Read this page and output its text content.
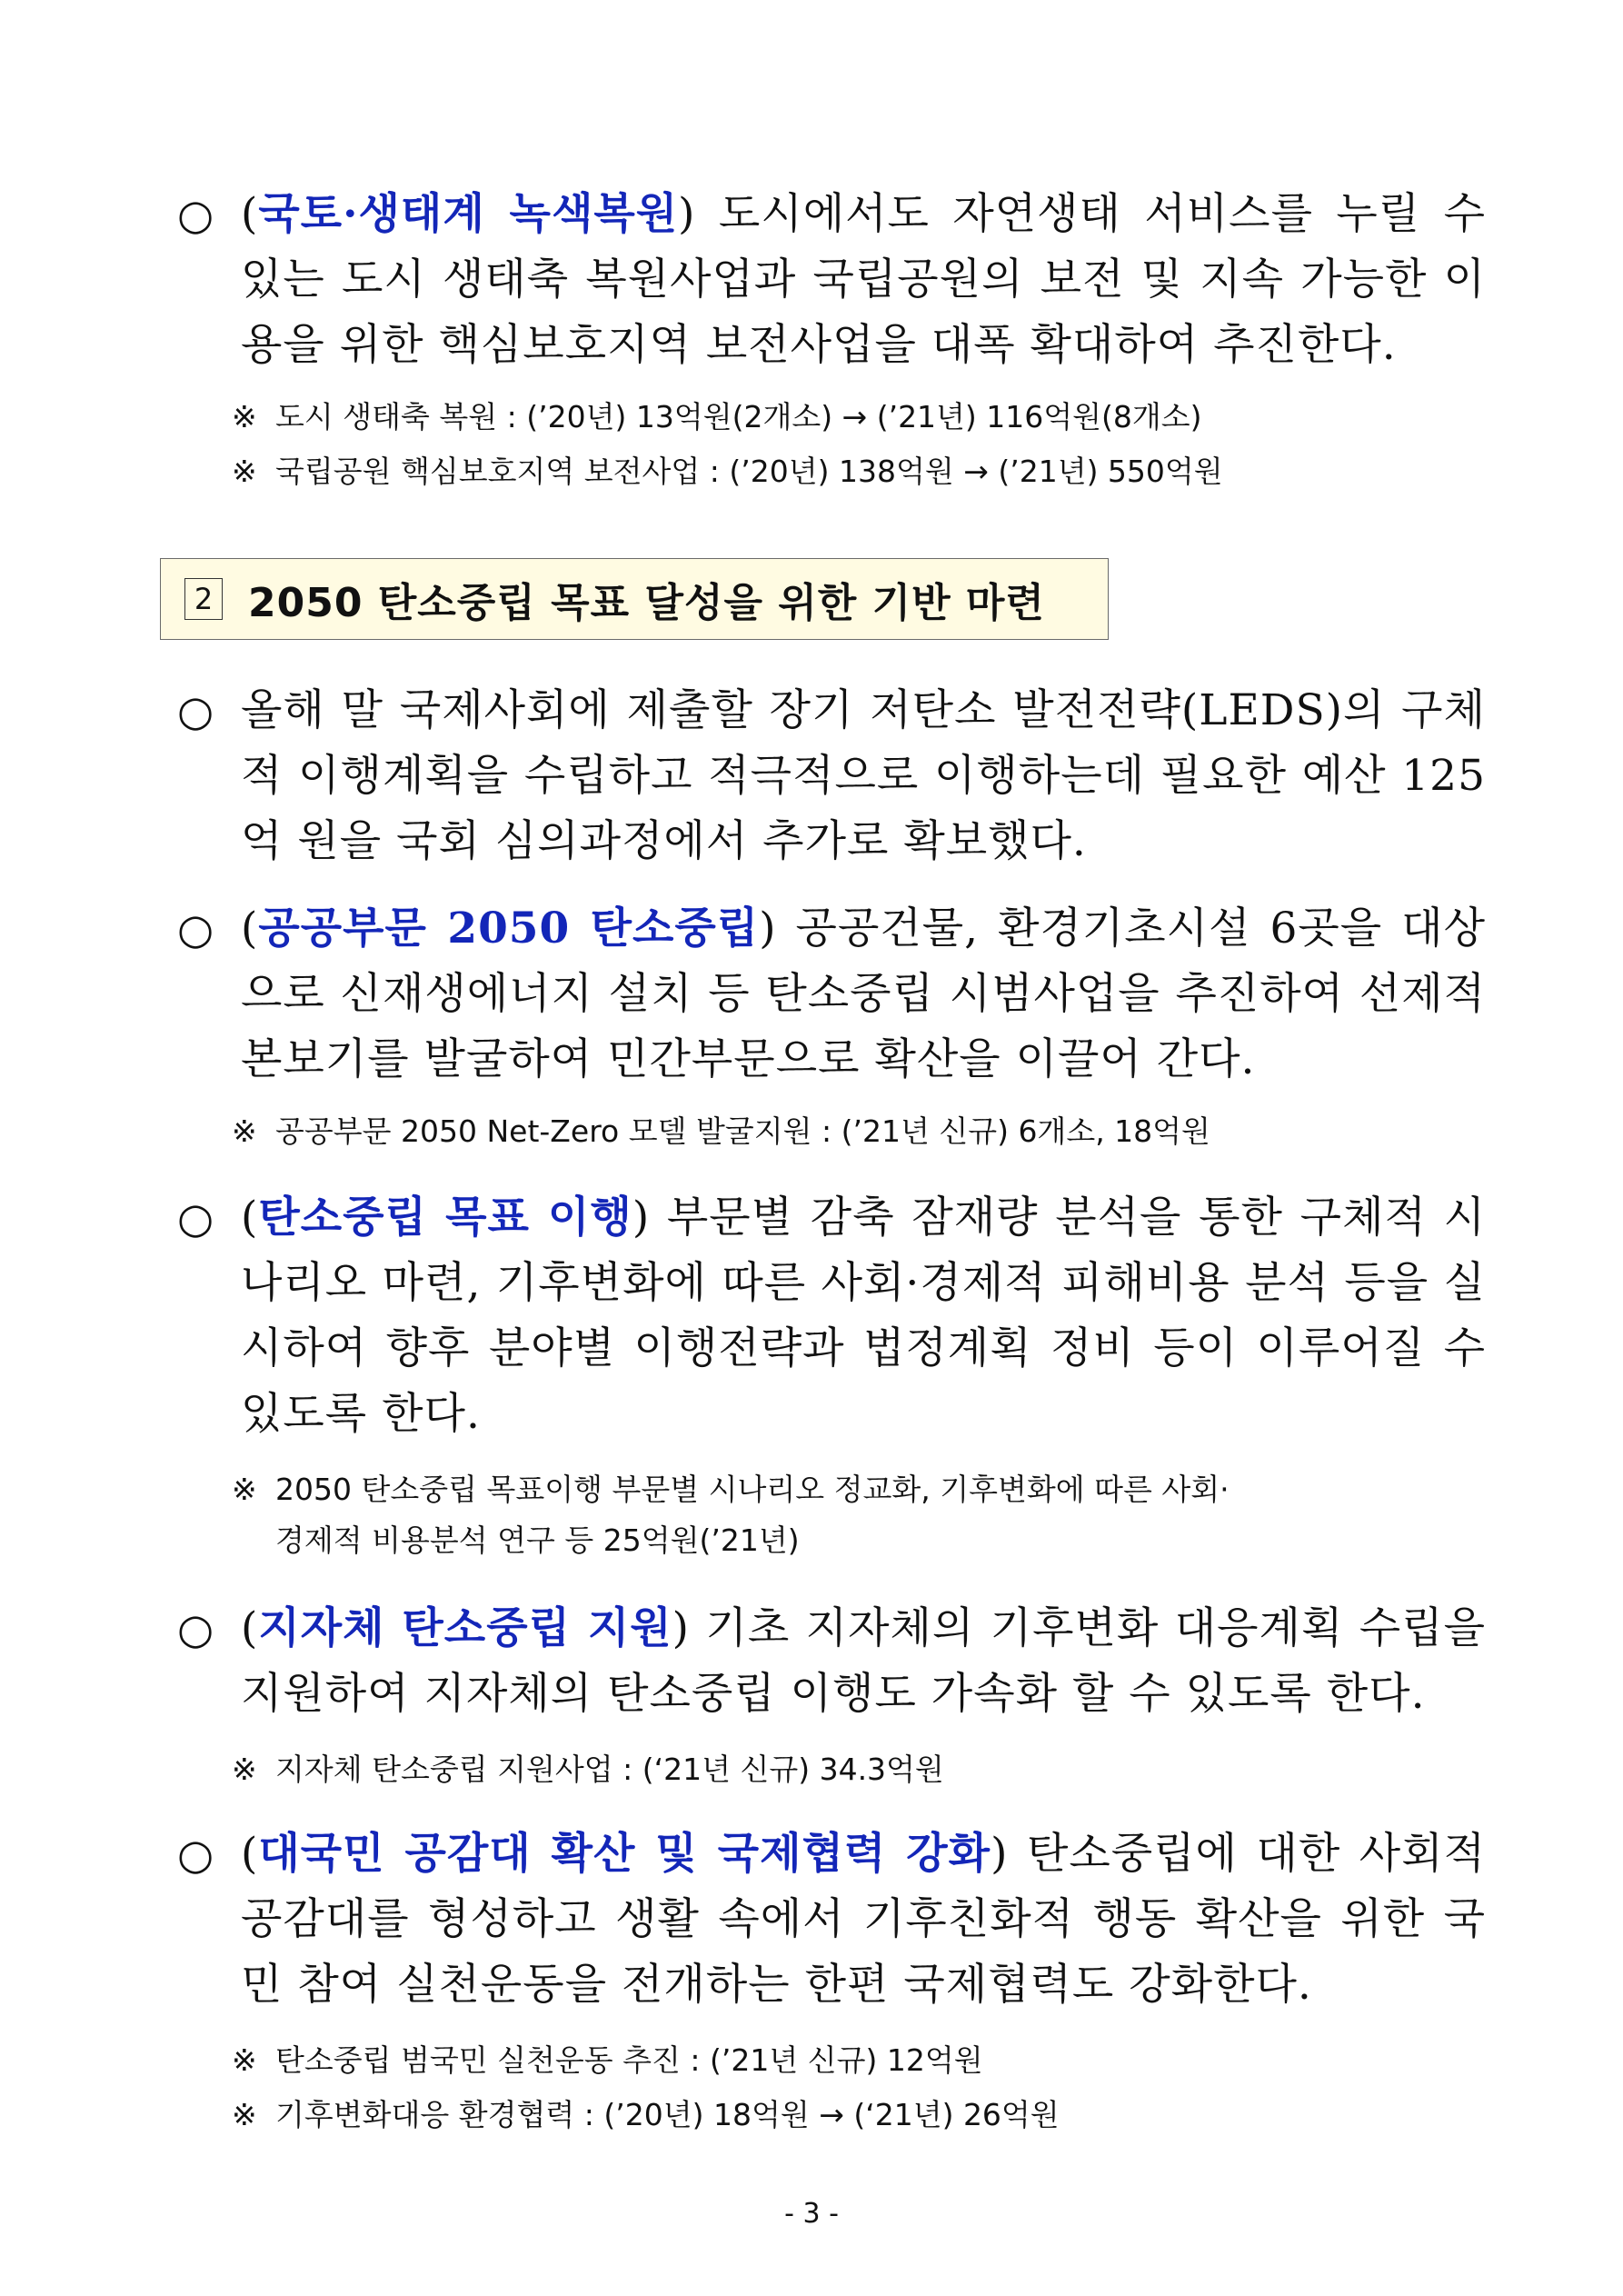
○ (국토·생태계 녹색복원) 도시에서도 자연생태 서비스를 누릴 수 있는 도시 생태축 복원사업과 국립공원의 보전 및 지속 가능한 이용을 위한 핵심보호지역 보전사업을 대폭 확대하여 추진한다.
※ 도시 생태축 복원 : (’20년) 13억원(2개소) → (’21년) 116억원(8개소)
※ 국립공원 핵심보호지역 보전사업 : (’20년) 138억원 → (’21년) 550억원
2 2050 탄소중립 목표 달성을 위한 기반 마련
○ 올해 말 국제사회에 제출할 장기 저탄소 발전전략(LEDS)의 구체적 이행계획을 수립하고 적극적으로 이행하는데 필요한 예산 125억 원을 국회 심의과정에서 추가로 확보했다.
○ (공공부문 2050 탄소중립) 공공건물, 환경기초시설 6곳을 대상으로 신재생에너지 설치 등 탄소중립 시범사업을 추진하여 선제적 본보기를 발굴하여 민간부문으로 확산을 이끌어 간다.
※ 공공부문 2050 Net-Zero 모델 발굴지원 : (’21년 신규) 6개소, 18억원
○ (탄소중립 목표 이행) 부문별 감축 잠재량 분석을 통한 구체적 시나리오 마련, 기후변화에 따른 사회·경제적 피해비용 분석 등을 실시하여 향후 분야별 이행전략과 법정계획 정비 등이 이루어질 수 있도록 한다.
※ 2050 탄소중립 목표이행 부문별 시나리오 정교화, 기후변화에 따른 사회·
경제적 비용분석 연구 등 25억원(’21년)
○ (지자체 탄소중립 지원) 기초 지자체의 기후변화 대응계획 수립을 지원하여 지자체의 탄소중립 이행도 가속화 할 수 있도록 한다.
※ 지자체 탄소중립 지원사업 : (‘21년 신규) 34.3억원
○ (대국민 공감대 확산 및 국제협력 강화) 탄소중립에 대한 사회적 공감대를 형성하고 생활 속에서 기후친화적 행동 확산을 위한 국민 참여 실천운동을 전개하는 한편 국제협력도 강화한다.
※ 탄소중립 범국민 실천운동 추진 : (’21년 신규) 12억원
※ 기후변화대응 환경협력 : (’20년) 18억원 → (‘21년) 26억원
- 3 -
